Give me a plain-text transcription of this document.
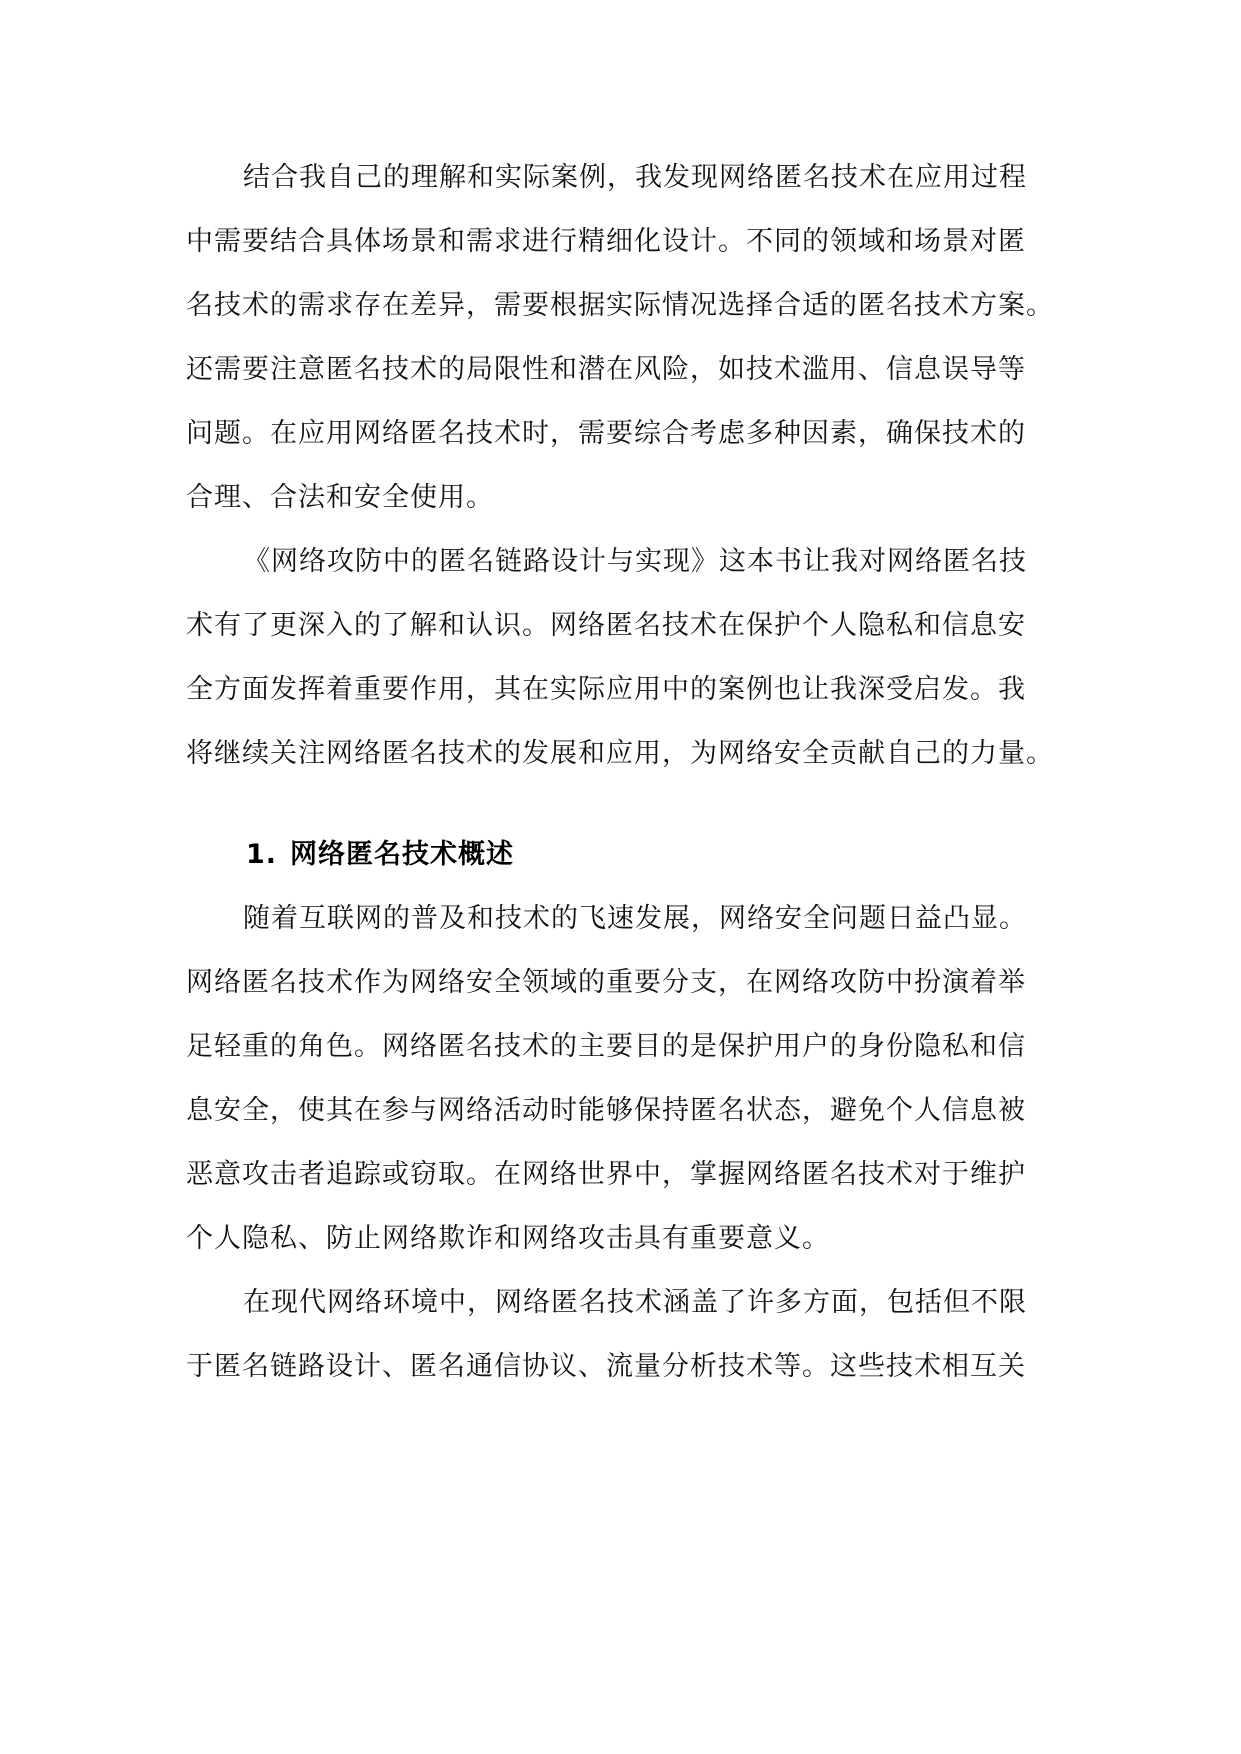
结合我自己的理解和实际案例，我发现网络匿名技术在应用过程
中需要结合具体场景和需求进行精细化设计。不同的领域和场景对匿
名技术的需求存在差异，需要根据实际情况选择合适的匿名技术方案。
还需要注意匿名技术的局限性和潜在风险，如技术滥用、信息误导等
问题。在应用网络匿名技术时，需要综合考虑多种因素，确保技术的
合理、合法和安全使用。
《网络攻防中的匿名链路设计与实现》这本书让我对网络匿名技
术有了更深入的了解和认识。网络匿名技术在保护个人隐私和信息安
全方面发挥着重要作用，其在实际应用中的案例也让我深受启发。我
将继续关注网络匿名技术的发展和应用，为网络安全贡献自己的力量。
1. 网络匿名技术概述
随着互联网的普及和技术的飞速发展，网络安全问题日益凸显。
网络匿名技术作为网络安全领域的重要分支，在网络攻防中扮演着举
足轻重的角色。网络匿名技术的主要目的是保护用户的身份隐私和信
息安全，使其在参与网络活动时能够保持匿名状态，避免个人信息被
恶意攻击者追踪或窃取。在网络世界中，掌握网络匿名技术对于维护
个人隐私、防止网络欺诈和网络攻击具有重要意义。
在现代网络环境中，网络匿名技术涵盖了许多方面，包括但不限
于匿名链路设计、匿名通信协议、流量分析技术等。这些技术相互关
